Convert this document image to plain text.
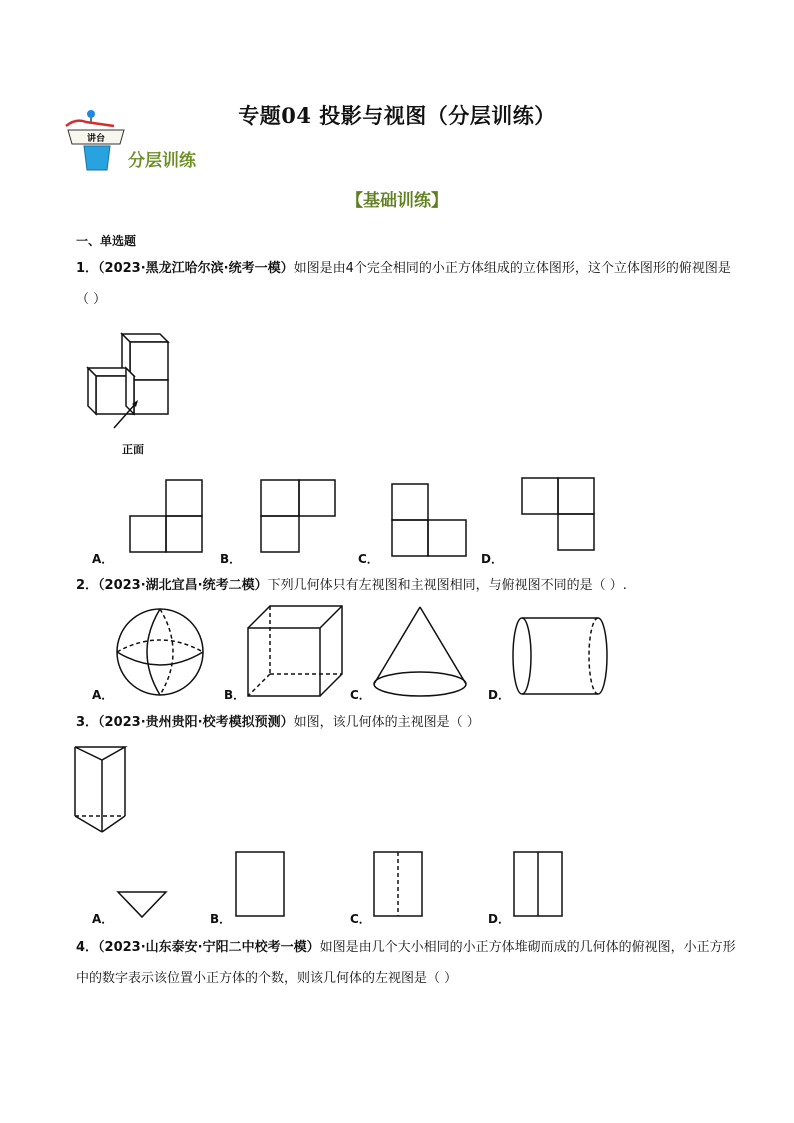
专题04 投影与视图（分层训练）
讲台
分层训练
【基础训练】
一、单选题
1．（2023·黑龙江哈尔滨·统考一模）如图是由4个完全相同的小正方体组成的立体图形，这个立体图形的俯视图是（ ）
正面
A．	B．	C．	D．
2．（2023·湖北宜昌·统考二模）下列几何体只有左视图和主视图相同，与俯视图不同的是（ ）.
A．	B．	C．	D．
3．（2023·贵州贵阳·校考模拟预测）如图，该几何体的主视图是（ ）
A．	B．	C．	D．
4．（2023·山东泰安·宁阳二中校考一模）如图是由几个大小相同的小正方体堆砌而成的几何体的俯视图，小正方形中的数字表示该位置小正方体的个数，则该几何体的左视图是（ ）
